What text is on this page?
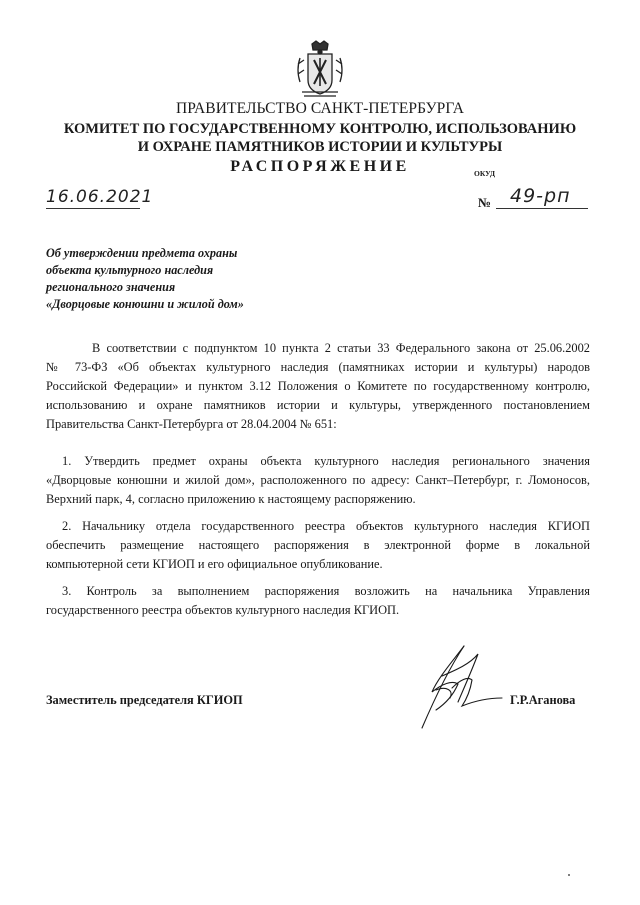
ПРАВИТЕЛЬСТВО САНКТ-ПЕТЕРБУРГА
КОМИТЕТ ПО ГОСУДАРСТВЕННОМУ КОНТРОЛЮ, ИСПОЛЬЗОВАНИЮ
И ОХРАНЕ ПАМЯТНИКОВ ИСТОРИИ И КУЛЬТУРЫ
РАСПОРЯЖЕНИЕ	ОКУД
16.06.2021	№ 49-рп
Об утверждении предмета охраны
объекта культурного наследия
регионального значения
«Дворцовые конюшни и жилой дом»
В соответствии с подпунктом 10 пункта 2 статьи 33 Федерального закона от 25.06.2002
№ 73-ФЗ «Об объектах культурного наследия (памятниках истории и культуры) народов
Российской Федерации» и пунктом 3.12 Положения о Комитете по государственному контролю,
использованию и охране памятников истории и культуры, утвержденного постановлением
Правительства Санкт-Петербурга от 28.04.2004 № 651:
1. Утвердить предмет охраны объекта культурного наследия регионального значения
«Дворцовые конюшни и жилой дом», расположенного по адресу: Санкт–Петербург, г. Ломоносов,
Верхний парк, 4, согласно приложению к настоящему распоряжению.
2. Начальнику отдела государственного реестра объектов культурного наследия КГИОП
обеспечить размещение настоящего распоряжения в электронной форме в локальной
компьютерной сети КГИОП и его официальное опубликование.
3. Контроль за выполнением распоряжения возложить на начальника Управления
государственного реестра объектов культурного наследия КГИОП.
Заместитель председателя КГИОП	Г.Р.Аганова
